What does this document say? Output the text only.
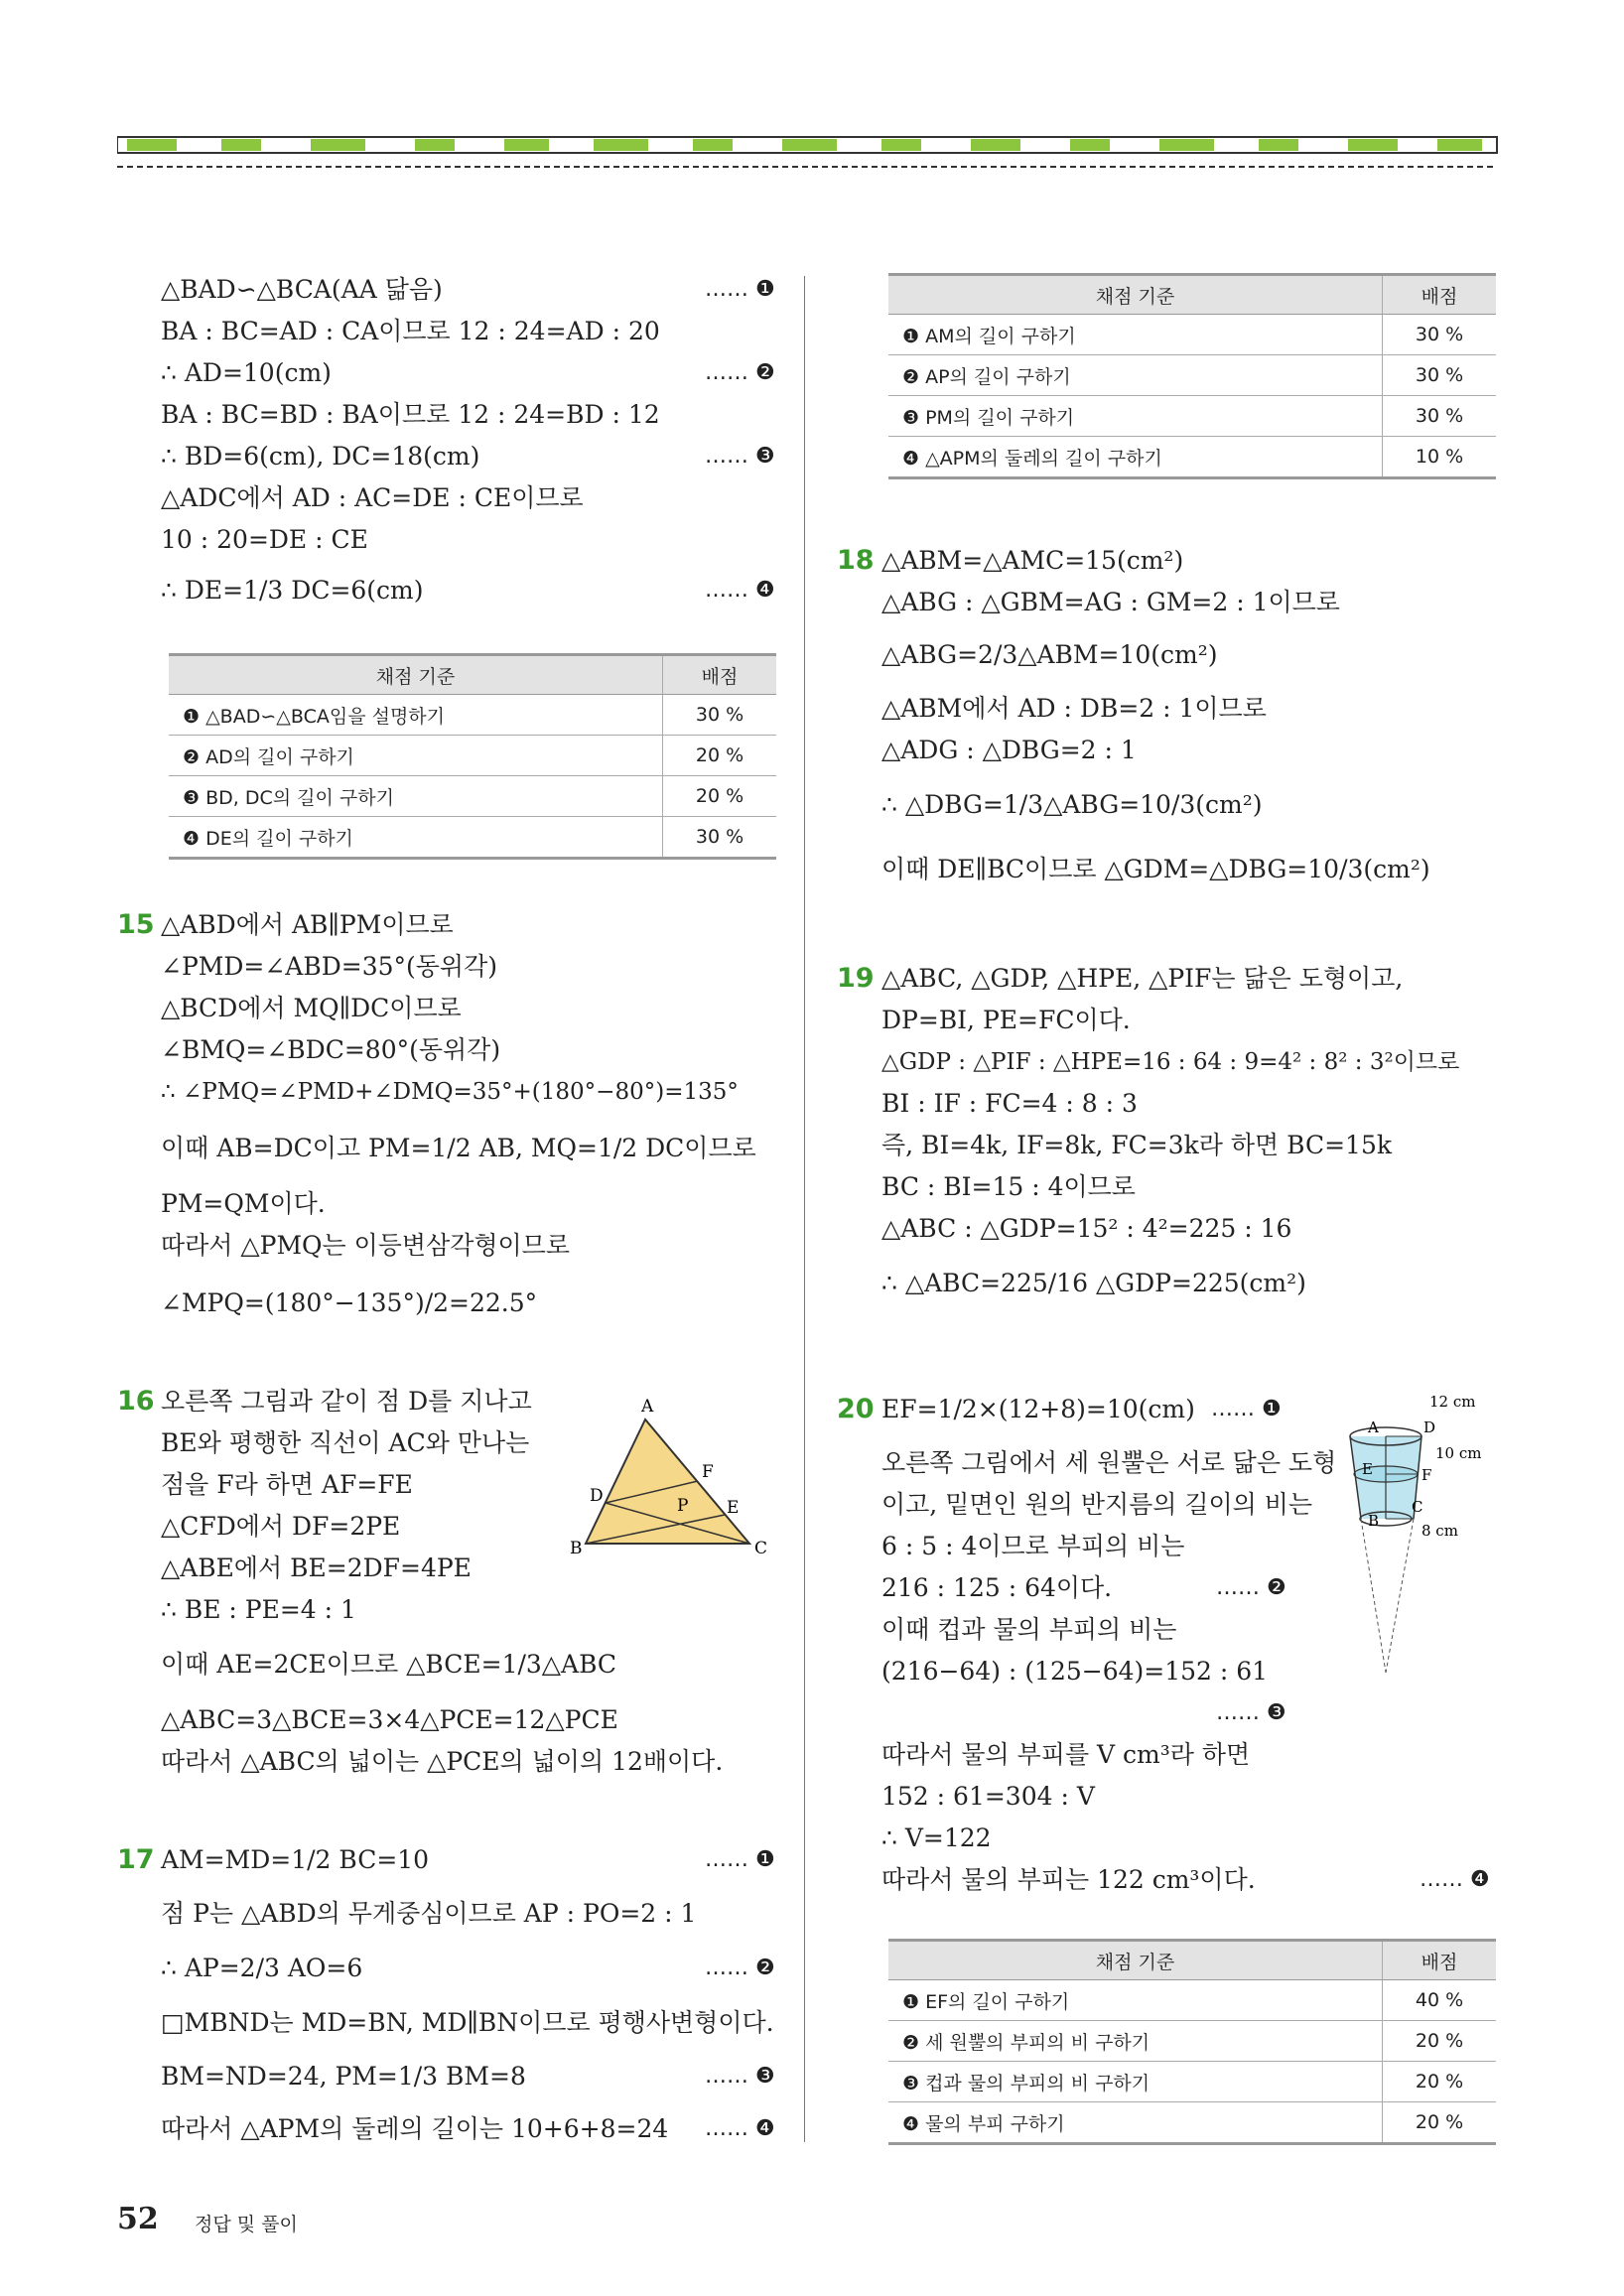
△BAD∽△BCA(AA 닮음)	…… ❶
BA : BC=AD : CA이므로 12 : 24=AD : 20
∴ AD=10(cm)	…… ❷
BA : BC=BD : BA이므로 12 : 24=BD : 12
∴ BD=6(cm), DC=18(cm)	…… ❸
△ADC에서 AD : AC=DE : CE이므로
10 : 20=DE : CE
∴ DE=1/3 DC=6(cm)	…… ❹
채점 기준	배점
❶ △BAD∽△BCA임을 설명하기	30 %
❷ AD의 길이 구하기	20 %
❸ BD, DC의 길이 구하기	20 %
❹ DE의 길이 구하기	30 %
15 △ABD에서 AB∥PM이므로
∠PMD=∠ABD=35°(동위각)
△BCD에서 MQ∥DC이므로
∠BMQ=∠BDC=80°(동위각)
∴ ∠PMQ=∠PMD+∠DMQ=35°+(180°−80°)=135°
이때 AB=DC이고 PM=1/2 AB, MQ=1/2 DC이므로
PM=QM이다.
따라서 △PMQ는 이등변삼각형이므로
∠MPQ=(180°−135°)/2=22.5°
16 오른쪽 그림과 같이 점 D를 지나고
BE와 평행한 직선이 AC와 만나는
점을 F라 하면 AF=FE
△CFD에서 DF=2PE
△ABE에서 BE=2DF=4PE
∴ BE : PE=4 : 1
이때 AE=2CE이므로 △BCE=1/3△ABC
△ABC=3△BCE=3×4△PCE=12△PCE
따라서 △ABC의 넓이는 △PCE의 넓이의 12배이다.
A
B	C
D
E
F
P
17 AM=MD=1/2 BC=10	…… ❶
점 P는 △ABD의 무게중심이므로 AP : PO=2 : 1
∴ AP=2/3 AO=6	…… ❷
□MBND는 MD=BN, MD∥BN이므로 평행사변형이다.
BM=ND=24, PM=1/3 BM=8	…… ❸
따라서 △APM의 둘레의 길이는 10+6+8=24 …… ❹
채점 기준	배점
❶ AM의 길이 구하기	30 %
❷ AP의 길이 구하기	30 %
❸ PM의 길이 구하기	30 %
❹ △APM의 둘레의 길이 구하기	10 %
18 △ABM=△AMC=15(cm²)
△ABG : △GBM=AG : GM=2 : 1이므로
△ABG=2/3△ABM=10(cm²)
△ABM에서 AD : DB=2 : 1이므로
△ADG : △DBG=2 : 1
∴ △DBG=1/3△ABG=10/3(cm²)
이때 DE∥BC이므로 △GDM=△DBG=10/3(cm²)
19 △ABC, △GDP, △HPE, △PIF는 닮은 도형이고,
DP=BI, PE=FC이다.
△GDP : △PIF : △HPE=16 : 64 : 9=4² : 8² : 3²이므로
BI : IF : FC=4 : 8 : 3
즉, BI=4k, IF=8k, FC=3k라 하면 BC=15k
BC : BI=15 : 4이므로
△ABC : △GDP=15² : 4²=225 : 16
∴ △ABC=225/16 △GDP=225(cm²)
20 EF=1/2×(12+8)=10(cm) …… ❶
오른쪽 그림에서 세 원뿔은 서로 닮은 도형
이고, 밑면인 원의 반지름의 길이의 비는
6 : 5 : 4이므로 부피의 비는
216 : 125 : 64이다.	…… ❷
이때 컵과 물의 부피의 비는
(216−64) : (125−64)=152 : 61
…… ❸
따라서 물의 부피를 V cm³라 하면
152 : 61=304 : V
∴ V=122
따라서 물의 부피는 122 cm³이다.	…… ❹
12 cm
10 cm
8 cm
A	D
E	F
B
C
채점 기준	배점
❶ EF의 길이 구하기	40 %
❷ 세 원뿔의 부피의 비 구하기	20 %
❸ 컵과 물의 부피의 비 구하기	20 %
❹ 물의 부피 구하기	20 %
52 정답 및 풀이
